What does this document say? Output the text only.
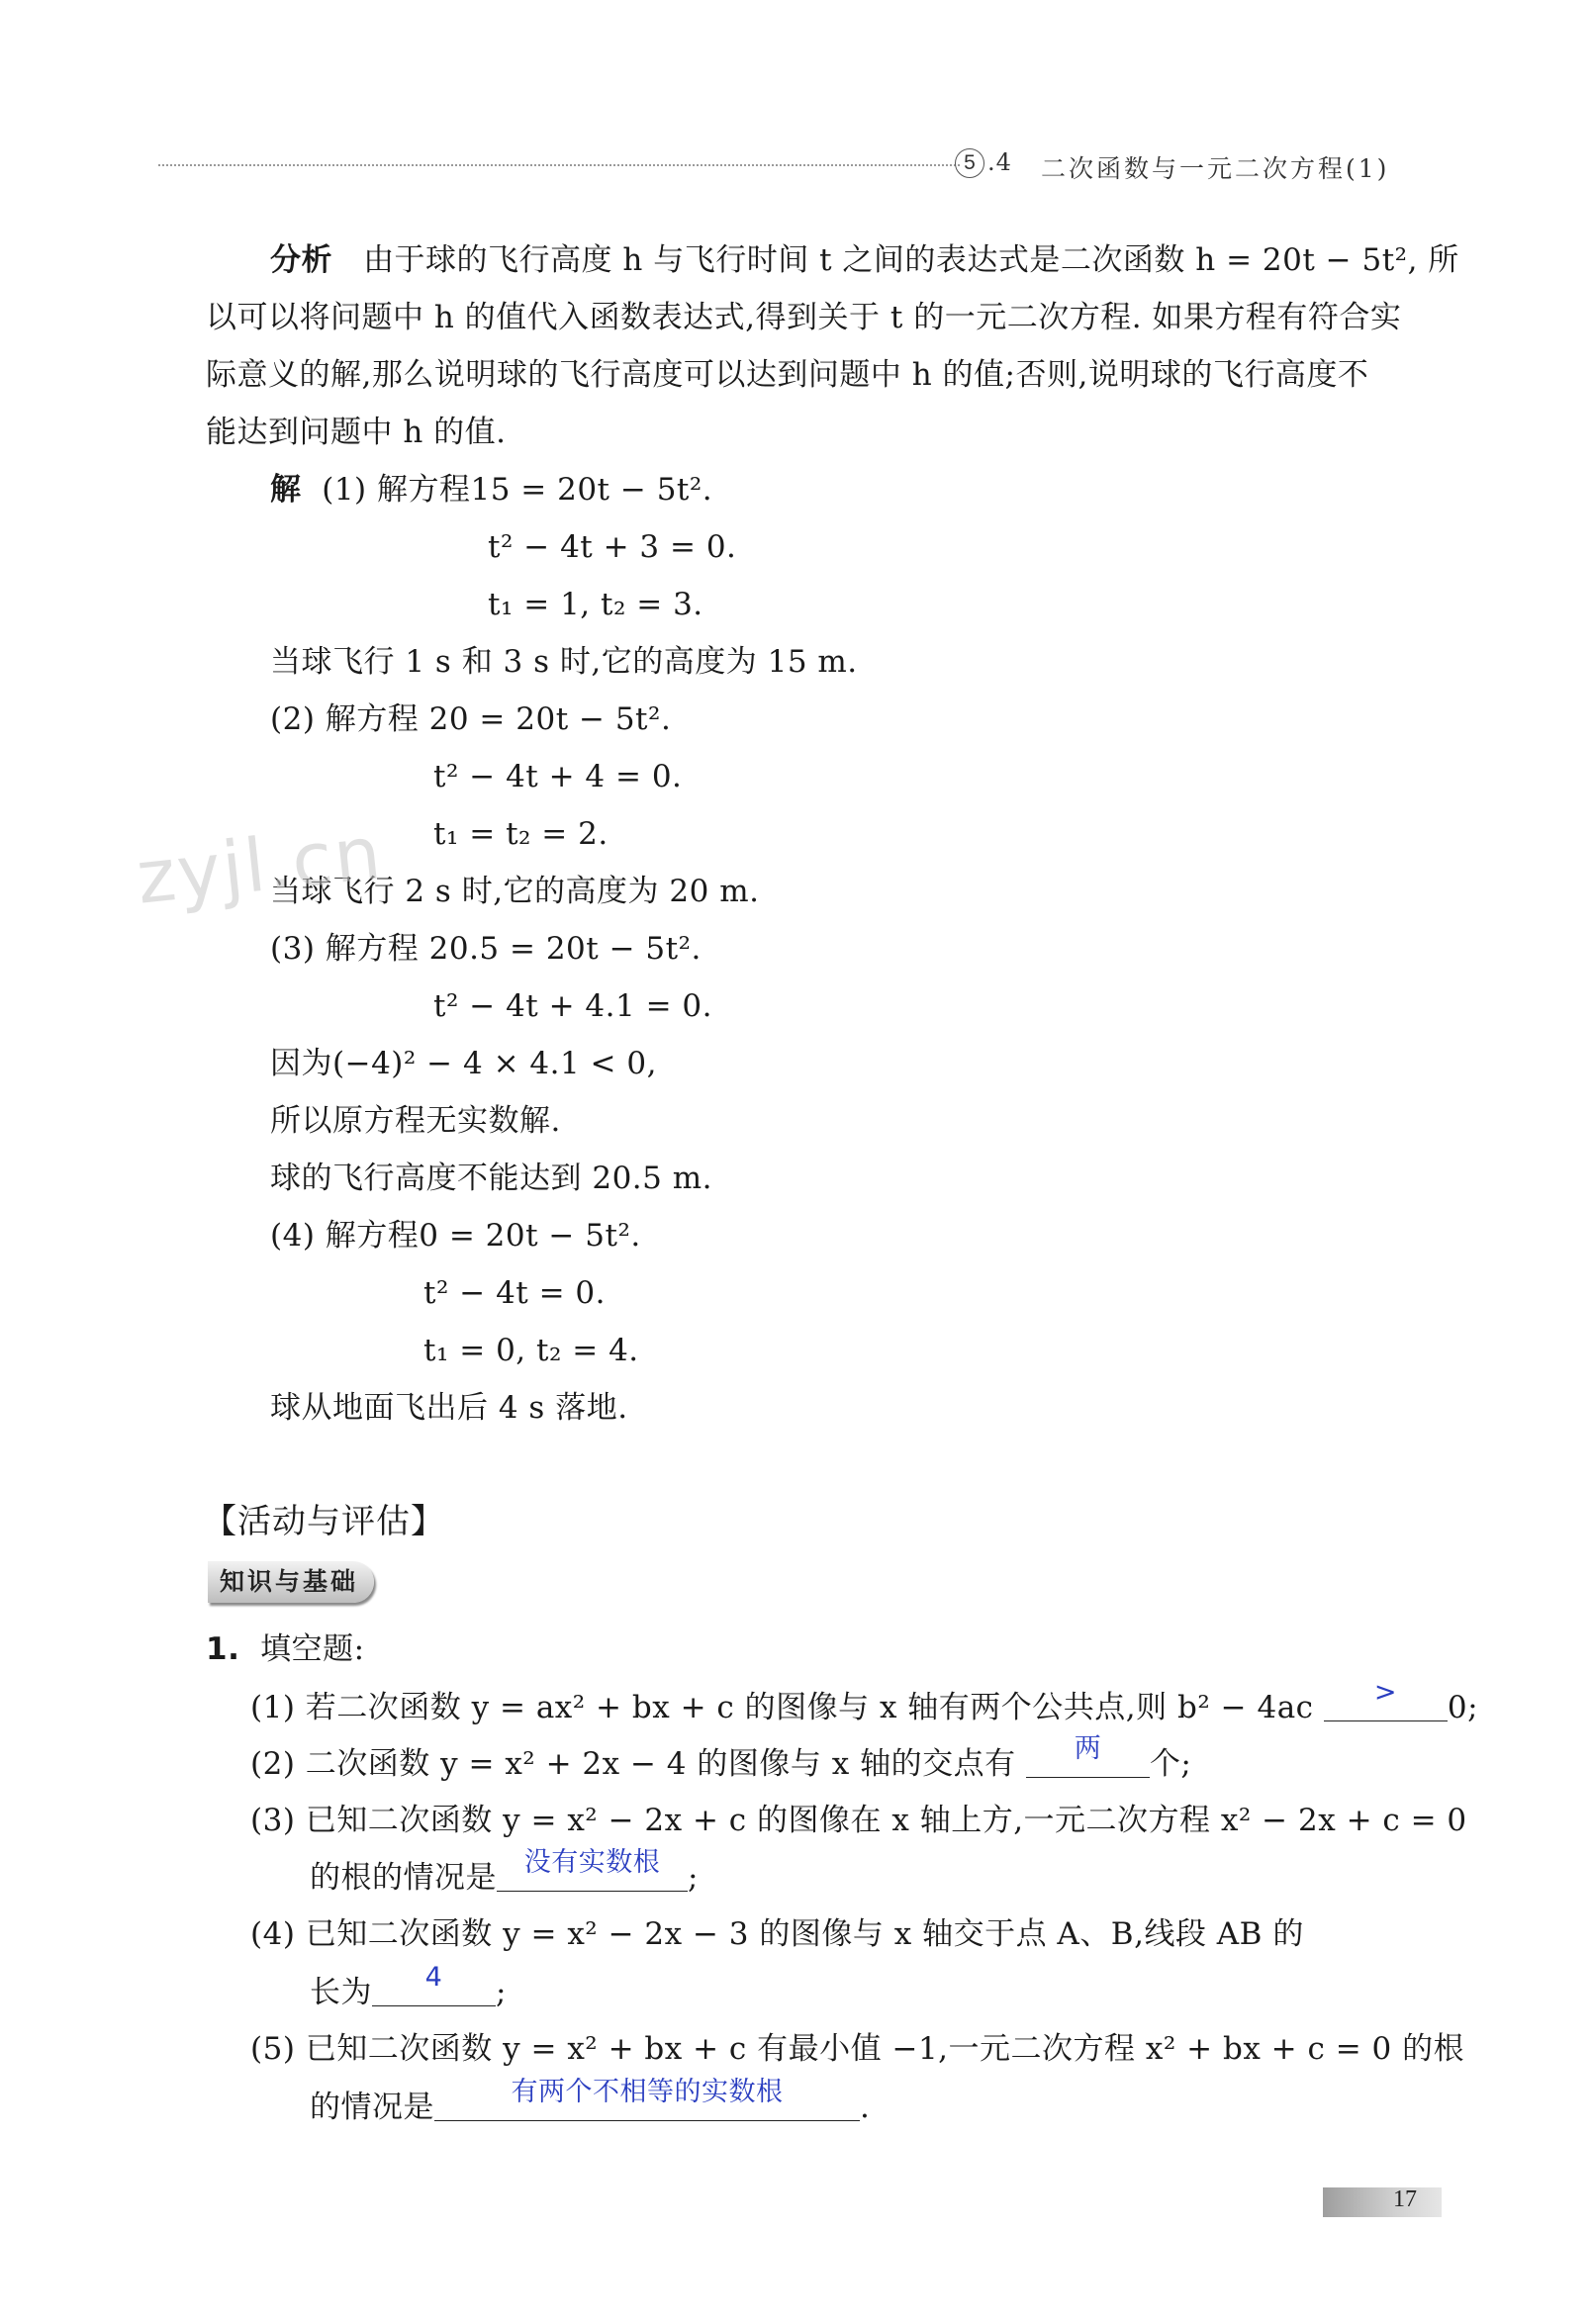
5 .4 二次函数与一元二次方程(1)
分析 由于球的飞行高度 h 与飞行时间 t 之间的表达式是二次函数 h = 20t − 5t², 所
以可以将问题中 h 的值代入函数表达式,得到关于 t 的一元二次方程. 如果方程有符合实
际意义的解,那么说明球的飞行高度可以达到问题中 h 的值;否则,说明球的飞行高度不
能达到问题中 h 的值.
解 (1) 解方程15 = 20t − 5t².
t² − 4t + 3 = 0.
t₁ = 1, t₂ = 3.
当球飞行 1 s 和 3 s 时,它的高度为 15 m.
(2) 解方程 20 = 20t − 5t².
t² − 4t + 4 = 0.
t₁ = t₂ = 2.
当球飞行 2 s 时,它的高度为 20 m.
(3) 解方程 20.5 = 20t − 5t².
t² − 4t + 4.1 = 0.
因为(−4)² − 4 × 4.1 < 0,
所以原方程无实数解.
球的飞行高度不能达到 20.5 m.
(4) 解方程0 = 20t − 5t².
t² − 4t = 0.
t₁ = 0, t₂ = 4.
球从地面飞出后 4 s 落地.
zyjl.cn
【活动与评估】
知识与基础
1. 填空题:
(1) 若二次函数 y = ax² + bx + c 的图像与 x 轴有两个公共点,则 b² − 4ac	>	0;
(2) 二次函数 y = x² + 2x − 4 的图像与 x 轴的交点有	两	个;
(3) 已知二次函数 y = x² − 2x + c 的图像在 x 轴上方,一元二次方程 x² − 2x + c = 0
的根的情况是	没有实数根 ;
(4) 已知二次函数 y = x² − 2x − 3 的图像与 x 轴交于点 A、B,线段 AB 的
长为	4	;
(5) 已知二次函数 y = x² + bx + c 有最小值 −1,一元二次方程 x² + bx + c = 0 的根
的情况是	有两个不相等的实数根	.
17
